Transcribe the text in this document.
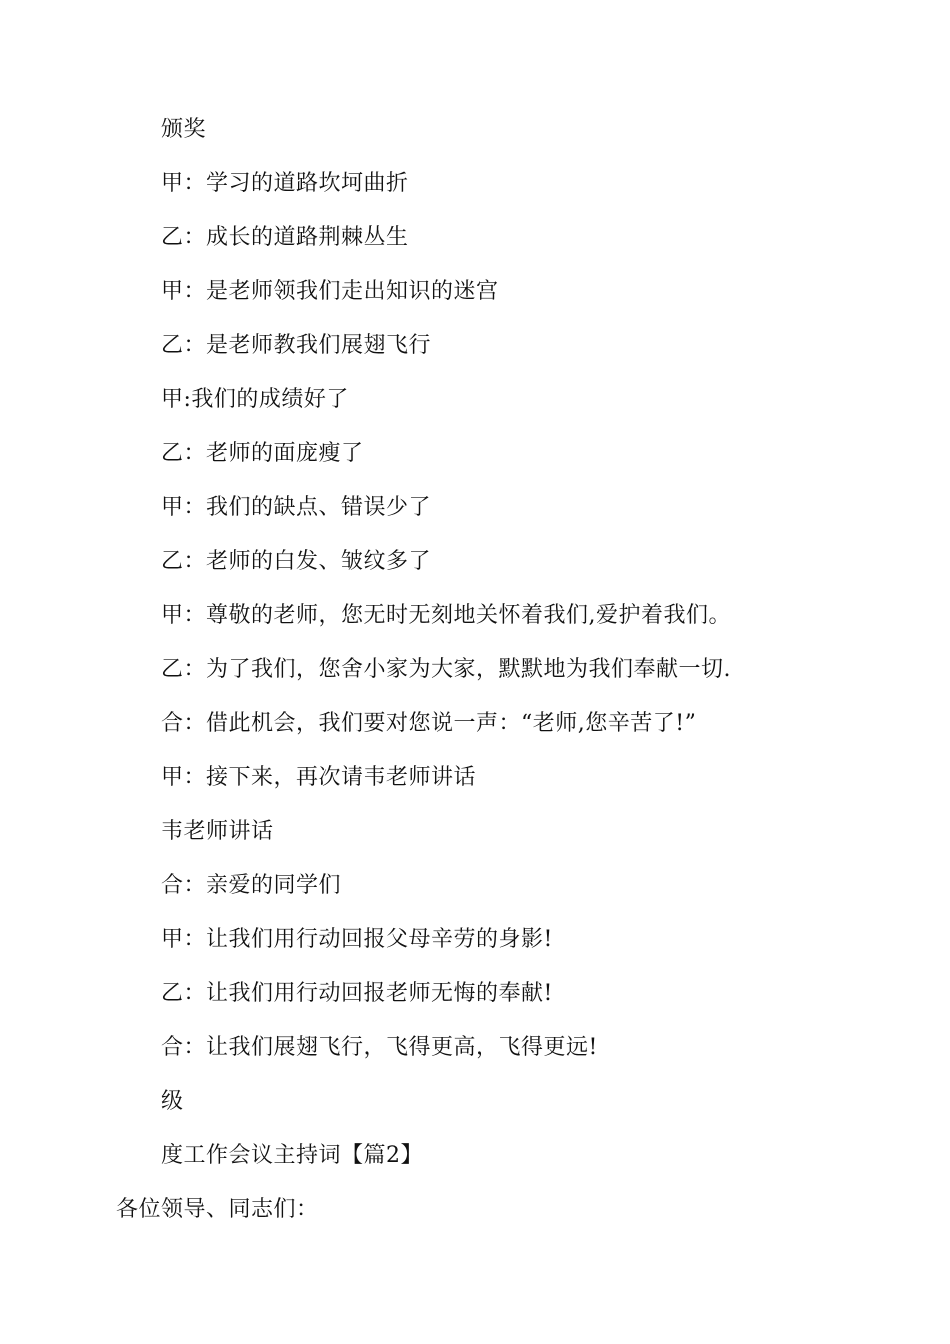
颁奖
甲：学习的道路坎坷曲折
乙：成长的道路荆棘丛生
甲：是老师领我们走出知识的迷宫
乙：是老师教我们展翅飞行
甲:我们的成绩好了
乙：老师的面庞瘦了
甲：我们的缺点、错误少了
乙：老师的白发、皱纹多了
甲：尊敬的老师，您无时无刻地关怀着我们,爱护着我们。
乙：为了我们，您舍小家为大家，默默地为我们奉献一切.
合：借此机会，我们要对您说一声：“老师,您辛苦了!”
甲：接下来，再次请韦老师讲话
韦老师讲话
合：亲爱的同学们
甲：让我们用行动回报父母辛劳的身影!
乙：让我们用行动回报老师无悔的奉献!
合：让我们展翅飞行，飞得更高，飞得更远!
级
度工作会议主持词【篇2】
各位领导、同志们：
